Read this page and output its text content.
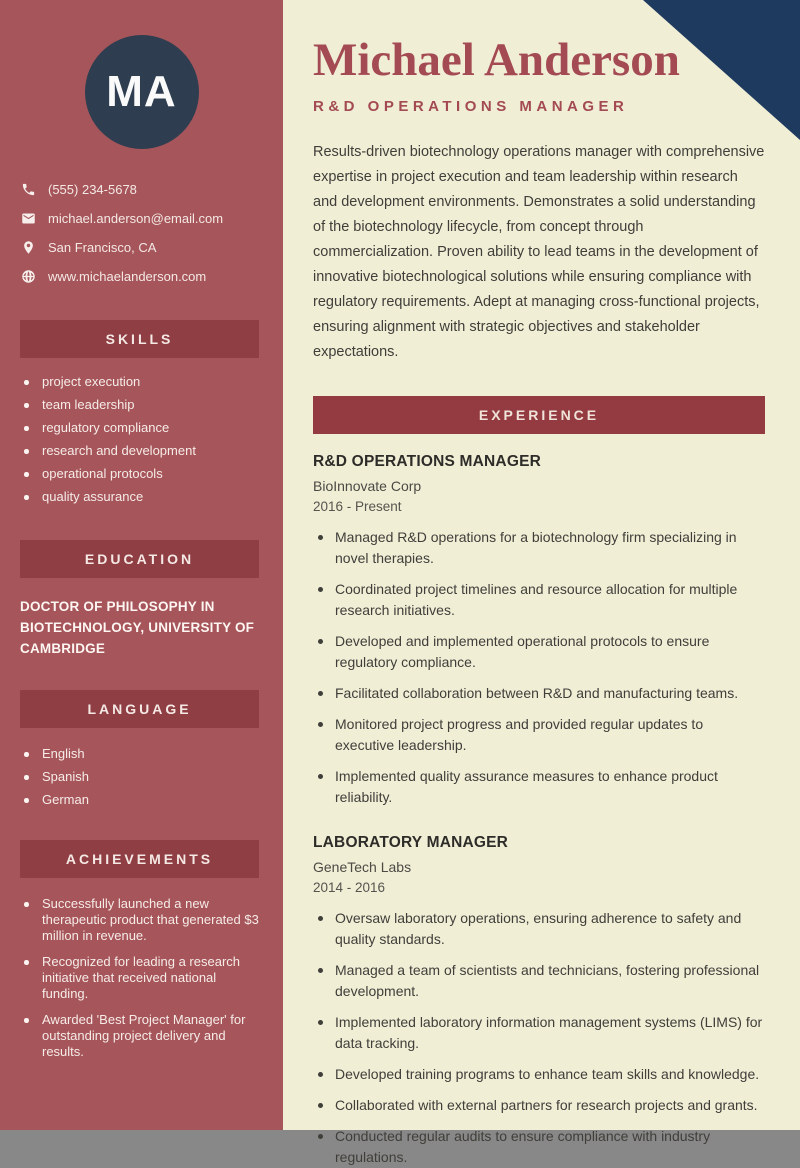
MA
(555) 234-5678
michael.anderson@email.com
San Francisco, CA
www.michaelanderson.com
SKILLS
project execution
team leadership
regulatory compliance
research and development
operational protocols
quality assurance
EDUCATION
DOCTOR OF PHILOSOPHY IN BIOTECHNOLOGY, UNIVERSITY OF CAMBRIDGE
LANGUAGE
English
Spanish
German
ACHIEVEMENTS
Successfully launched a new therapeutic product that generated $3 million in revenue.
Recognized for leading a research initiative that received national funding.
Awarded 'Best Project Manager' for outstanding project delivery and results.
Michael Anderson
R&D OPERATIONS MANAGER

Results-driven biotechnology operations manager with comprehensive expertise in project execution and team leadership within research and development environments. Demonstrates a solid understanding of the biotechnology lifecycle, from concept through commercialization. Proven ability to lead teams in the development of innovative biotechnological solutions while ensuring compliance with regulatory requirements. Adept at managing cross-functional projects, ensuring alignment with strategic objectives and stakeholder expectations.

EXPERIENCE
R&D OPERATIONS MANAGER
BioInnovate Corp
2016 - Present
Managed R&D operations for a biotechnology firm specializing in novel therapies.
Coordinated project timelines and resource allocation for multiple research initiatives.
Developed and implemented operational protocols to ensure regulatory compliance.
Facilitated collaboration between R&D and manufacturing teams.
Monitored project progress and provided regular updates to executive leadership.
Implemented quality assurance measures to enhance product reliability.
LABORATORY MANAGER
GeneTech Labs
2014 - 2016
Oversaw laboratory operations, ensuring adherence to safety and quality standards.
Managed a team of scientists and technicians, fostering professional development.
Implemented laboratory information management systems (LIMS) for data tracking.
Developed training programs to enhance team skills and knowledge.
Collaborated with external partners for research projects and grants.
Conducted regular audits to ensure compliance with industry regulations.
